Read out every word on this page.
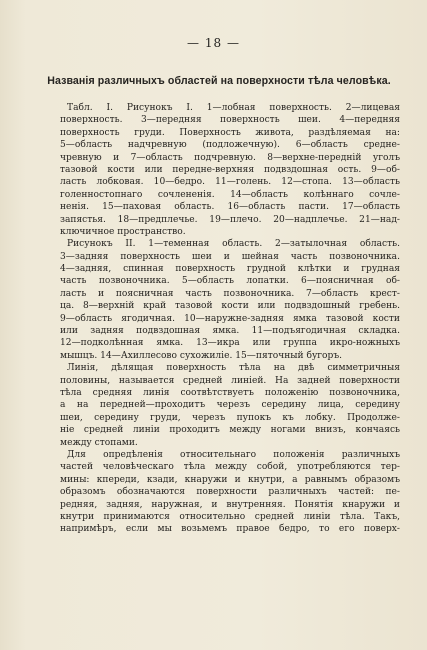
— 18 —
Названія различныхъ областей на поверхности тѣла человѣка.
Табл. I. Рисунокъ I. 1—лобная поверхность. 2—лицевая
поверхность. 3—передняя поверхность шеи. 4—передняя
поверхность груди. Поверхность живота, раздѣляемая на:
5—область надчревную (подложечную). 6—область средне-
чревную и 7—область подчревную. 8—верхне-передній уголъ
тазовой кости или передне-верхняя подвздошная ость. 9—об-
ласть лобковая. 10—бедро. 11—голень. 12—стопа. 13—область
голенностопнаго сочлененія. 14—область колѣннаго сочле-
ненія. 15—паховая область. 16—область пасти. 17—область
запястья. 18—предплечье. 19—плечо. 20—надплечье. 21—над-
ключичное пространство.
Рисунокъ II. 1—теменная область. 2—затылочная область.
3—задняя поверхность шеи и шейная часть позвоночника.
4—задняя, спинная поверхность грудной клѣтки и грудная
часть позвоночника. 5—область лопатки. 6—поясничная об-
ласть и поясничная часть позвоночника. 7—область крест-
ца. 8—верхній край тазовой кости или подвздошный гребень.
9—область ягодичная. 10—наружне-задняя ямка тазовой кости
или задняя подвздошная ямка. 11—подъягодичная складка.
12—подколѣнная ямка. 13—икра или группа икро-ножныхъ
мышцъ. 14—Ахиллесово сухожиліе. 15—пяточный бугоръ.
Линія, дѣлящая поверхность тѣла на двѣ симметричныя
половины, называется средней линіей. На задней поверхности
тѣла средняя линія соотвѣтствуетъ положенію позвоночника,
а на передней—проходитъ черезъ середину лица, середину
шеи, середину груди, черезъ пупокъ къ лобку. Продолже-
ніе средней линіи проходитъ между ногами внизъ, кончаясь
между стопами.
Для опредѣленія относительнаго положенія различныхъ
частей человѣческаго тѣла между собой, употребляются тер-
мины: кпереди, кзади, кнаружи и кнутри, а равнымъ образомъ
образомъ обозначаются поверхности различныхъ частей: пе-
редняя, задняя, наружная, и внутренняя. Понятія кнаружи и
кнутри принимаются относительно средней линіи тѣла. Такъ,
напримѣръ, если мы возьмемъ правое бедро, то его поверх-
